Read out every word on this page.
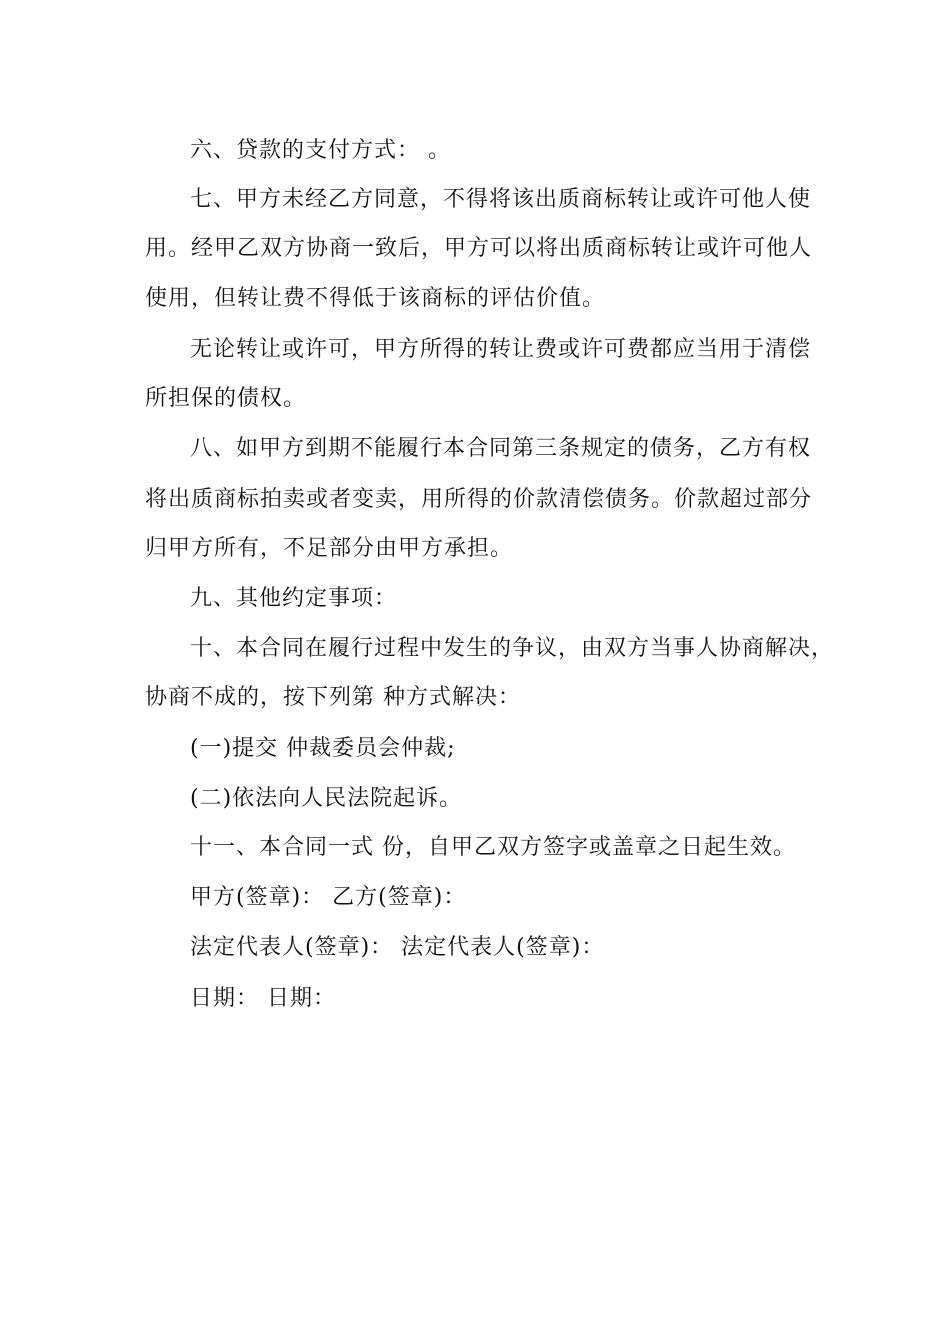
六、贷款的支付方式： 。
七、甲方未经乙方同意，不得将该出质商标转让或许可他人使
用。经甲乙双方协商一致后，甲方可以将出质商标转让或许可他人
使用，但转让费不得低于该商标的评估价值。
无论转让或许可，甲方所得的转让费或许可费都应当用于清偿
所担保的债权。
八、如甲方到期不能履行本合同第三条规定的债务，乙方有权
将出质商标拍卖或者变卖，用所得的价款清偿债务。价款超过部分
归甲方所有，不足部分由甲方承担。
九、其他约定事项：
十、本合同在履行过程中发生的争议，由双方当事人协商解决，
协商不成的，按下列第 种方式解决：
(一)提交 仲裁委员会仲裁;
(二)依法向人民法院起诉。
十一、本合同一式 份，自甲乙双方签字或盖章之日起生效。
甲方(签章)： 乙方(签章)：
法定代表人(签章)： 法定代表人(签章)：
日期： 日期：
